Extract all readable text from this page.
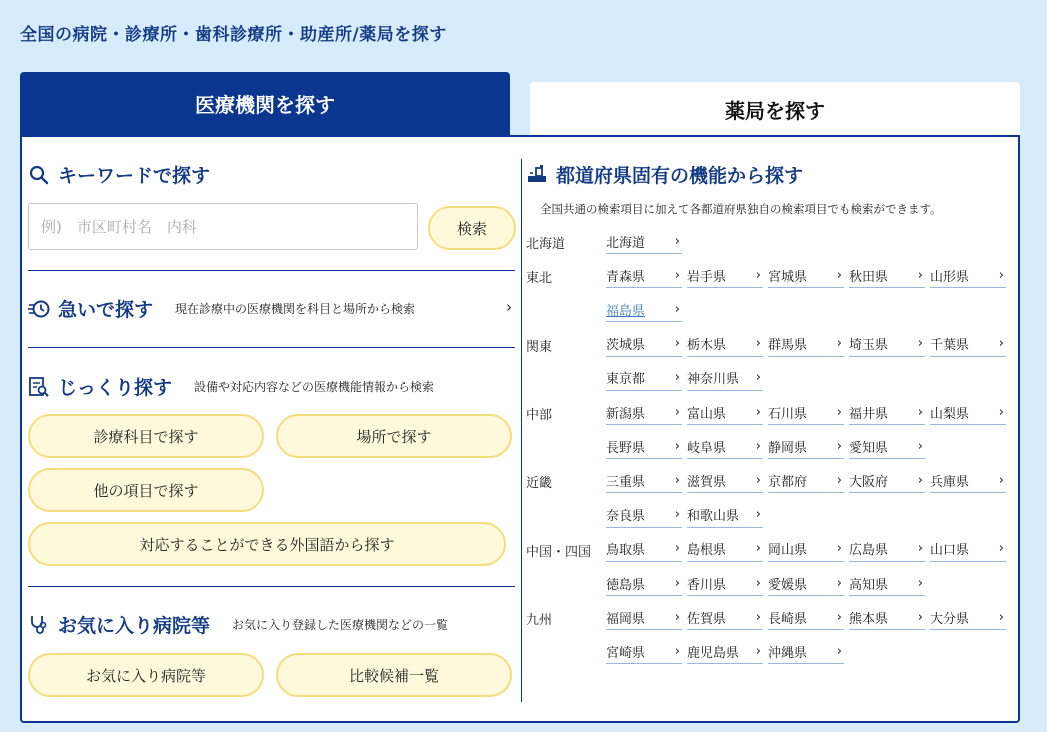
全国の病院・診療所・歯科診療所・助産所/薬局を探す
医療機関を探す	薬局を探す
キーワードで探す
例)　市区町村名　内科
検索
急いで探す 現在診療中の医療機関を科目と場所から検索	›
じっくり探す 設備や対応内容などの医療機能情報から検索
診療科目で探す	場所で探す
他の項目で探す
対応することができる外国語から探す
お気に入り病院等 お気に入り登録した医療機関などの一覧
お気に入り病院等	比較候補一覧
都道府県固有の機能から探す
全国共通の検索項目に加えて各都道府県独自の検索項目でも検索ができます。
北海道	北海道 ›
東北	青森県 › 岩手県 › 宮城県 › 秋田県 › 山形県 ›
福島県 ›
関東	茨城県 › 栃木県 › 群馬県 › 埼玉県 › 千葉県 ›
東京都 › 神奈川県 ›
中部	新潟県 › 富山県 › 石川県 › 福井県 › 山梨県 ›
長野県 › 岐阜県 › 静岡県 › 愛知県 ›
近畿	三重県 › 滋賀県 › 京都府 › 大阪府 › 兵庫県 ›
奈良県 › 和歌山県 ›
中国・四国 鳥取県 › 島根県 › 岡山県 › 広島県 › 山口県 ›
徳島県 › 香川県 › 愛媛県 › 高知県 ›
九州	福岡県 › 佐賀県 › 長崎県 › 熊本県 › 大分県 ›
宮崎県 › 鹿児島県 › 沖縄県 ›
